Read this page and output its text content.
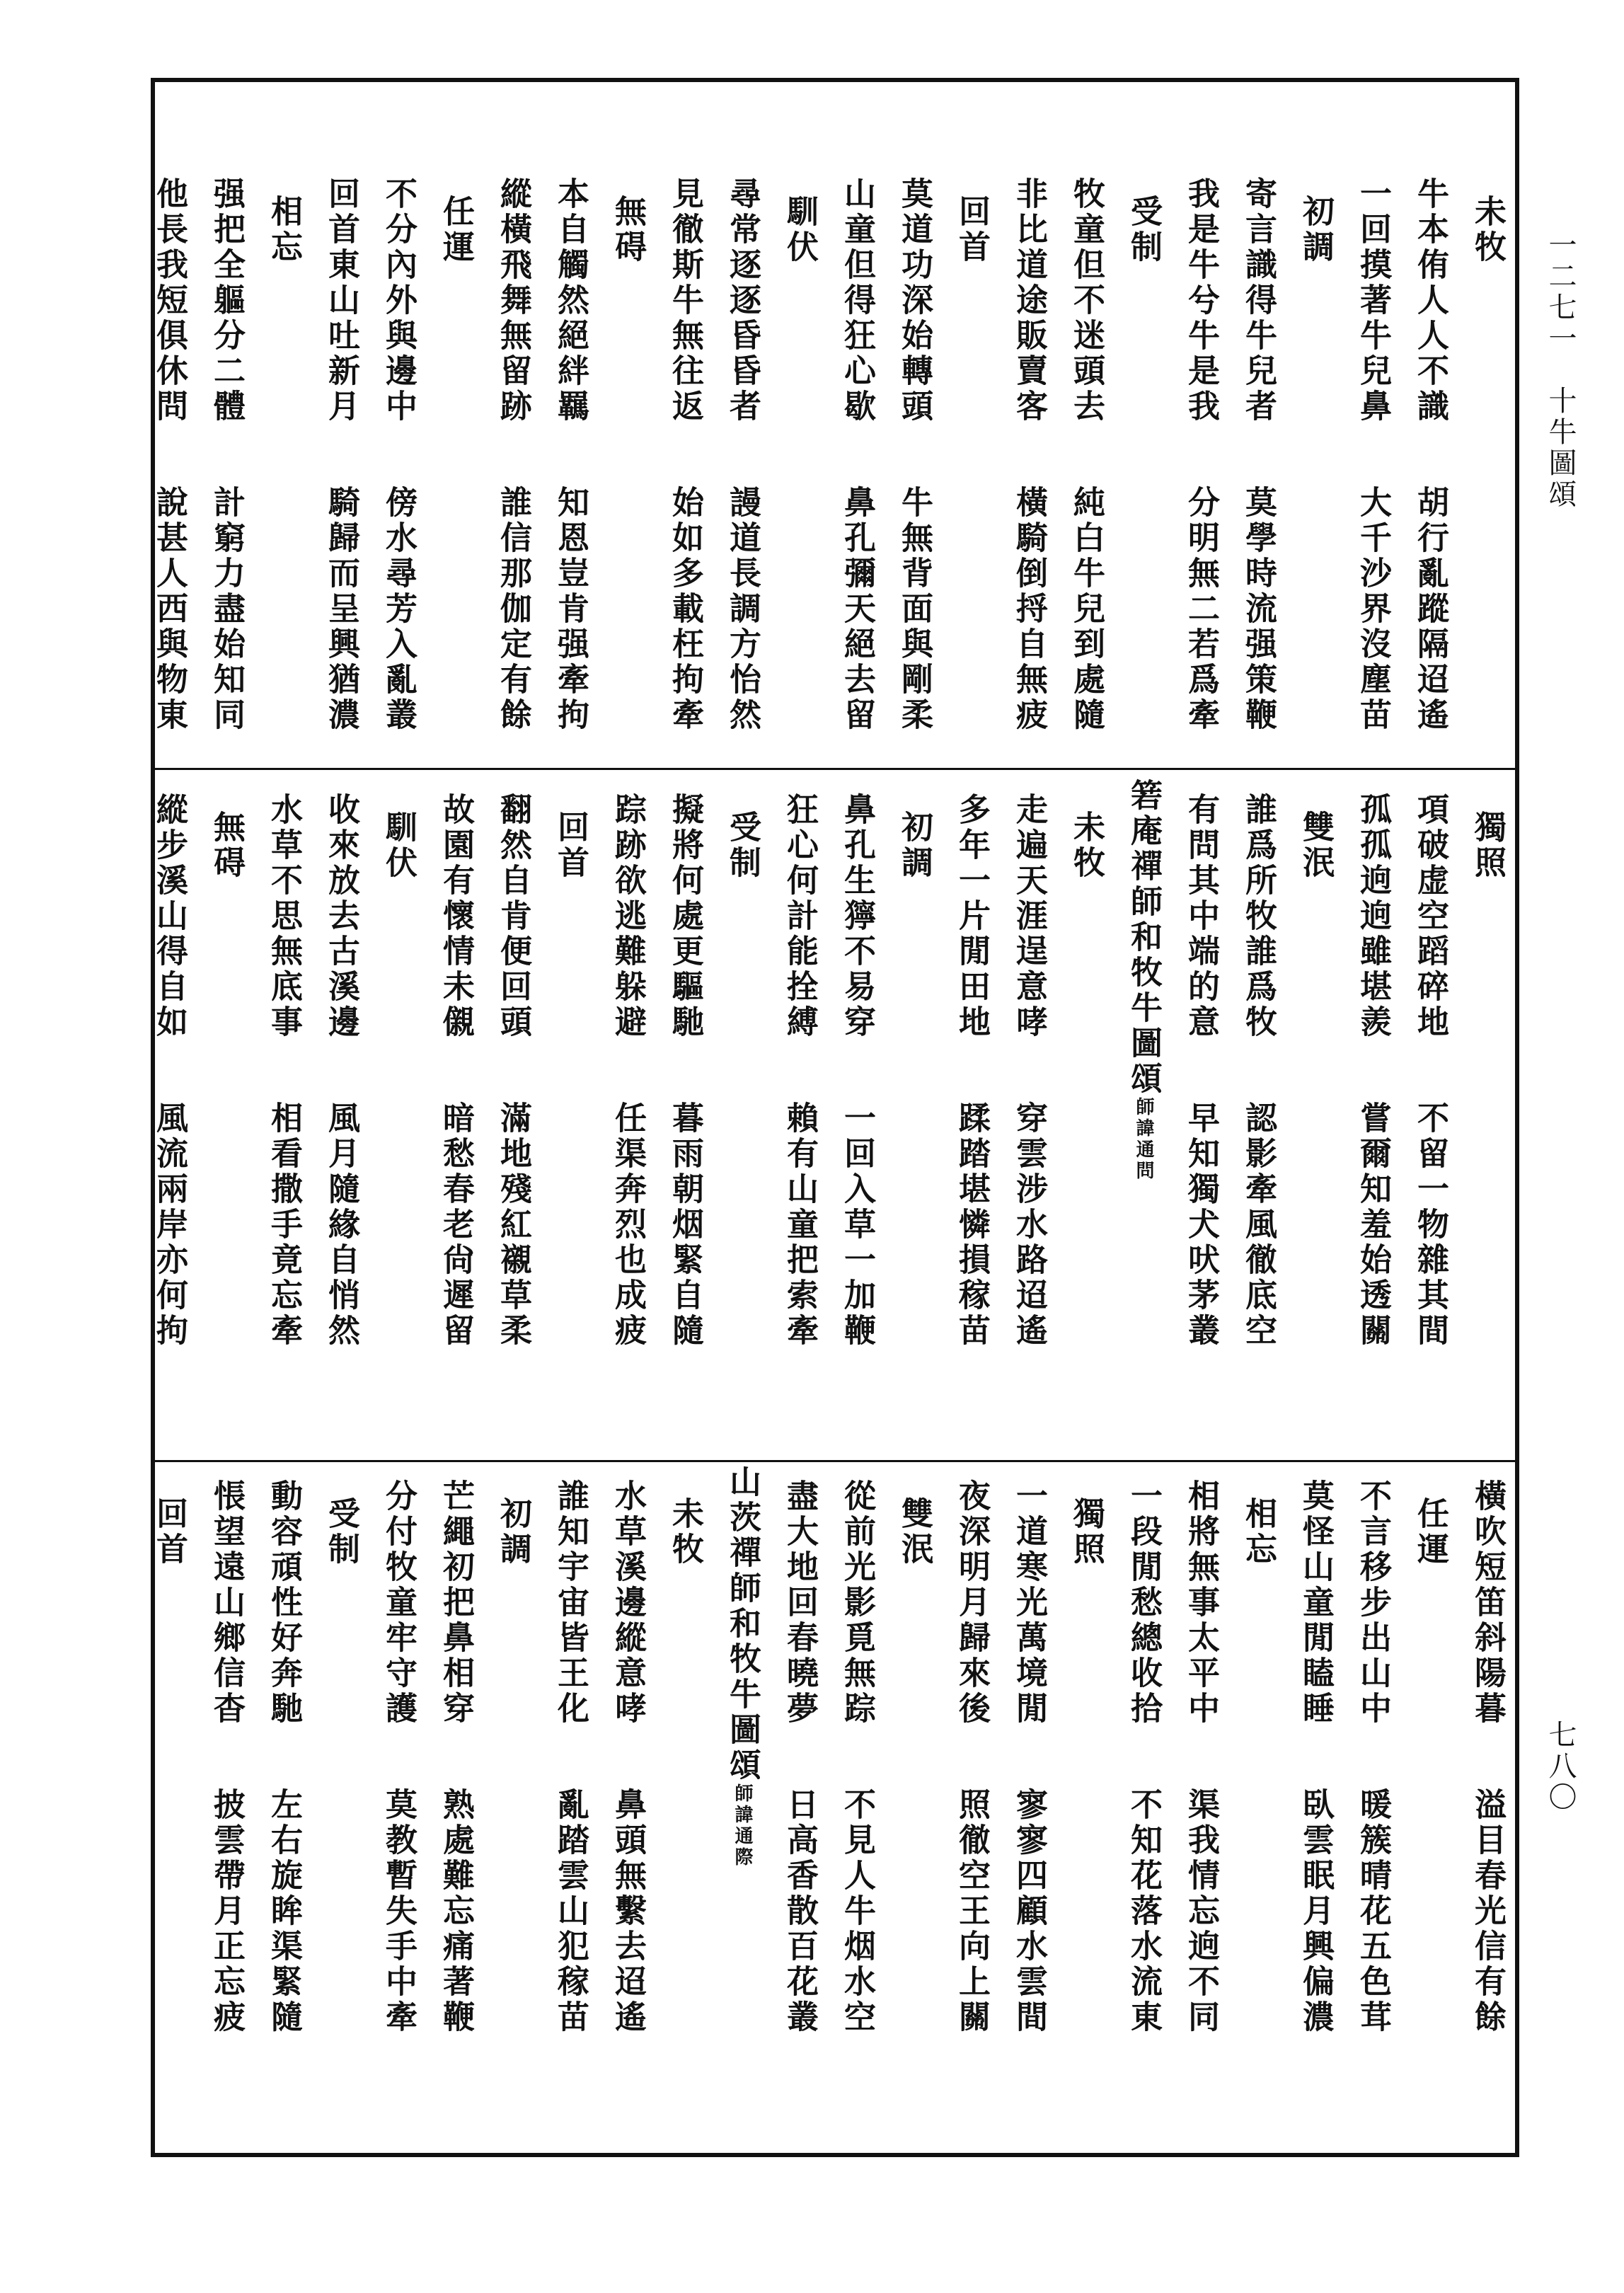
一二七一　十牛圖頌
七八〇
未牧
牛本侑人人不識胡行亂蹤隔迢遙
一回摸著牛兒鼻大千沙界沒塵苗
初調
寄言識得牛兒者莫學時流强策鞭
我是牛兮牛是我分明無二若爲牽
受制
牧童但不迷頭去純白牛兒到處隨
非比道途販賣客橫騎倒捋自無疲
回首
莫道功深始轉頭牛無背面與剛柔
山童但得狂心歇鼻孔彌天絕去留
馴伏
尋常逐逐昏昏者謾道長調方怡然
見徹斯牛無往返始如多載枉拘牽
無碍
本自觸然絕絆羈知恩豈肯强牽拘
縱橫飛舞無留跡誰信那伽定有餘
任運
不分內外與邊中傍水尋芳入亂叢
回首東山吐新月騎歸而呈興猶濃
相忘
强把全軀分二體計窮力盡始知同
他長我短俱休問說甚人西與物東
獨照
項破虚空蹈碎地不留一物雜其間
孤孤逈逈雖堪羨嘗爾知羞始透關
雙泯
誰爲所牧誰爲牧認影牽風徹底空
有問其中端的意早知獨犬吠茅叢
箬庵禪師和牧牛圖頌師諱通問
未牧
走遍天涯逞意哮穿雲涉水路迢遙
多年一片閒田地蹂踏堪憐損稼苗
初調
鼻孔生獰不易穿一回入草一加鞭
狂心何計能拴縛賴有山童把索牽
受制
擬將何處更驅馳暮雨朝烟緊自隨
踪跡欲逃難躲避任渠奔烈也成疲
回首
翻然自肯便回頭滿地殘紅襯草柔
故園有懷情未儭暗愁春老尙遲留
馴伏
收來放去古溪邊風月隨緣自悄然
水草不思無底事相看撒手竟忘牽
無碍
縱步溪山得自如風流兩岸亦何拘
橫吹短笛斜陽暮溢目春光信有餘
任運
不言移步出山中暖簇晴花五色茸
莫怪山童閒瞌睡臥雲眠月興偏濃
相忘
相將無事太平中渠我情忘逈不同
一段閒愁總收拾不知花落水流東
獨照
一道寒光萬境閒寥寥四顧水雲間
夜深明月歸來後照徹空王向上關
雙泯
從前光影覓無踪不見人牛烟水空
盡大地回春曉夢日高香散百花叢
山茨禪師和牧牛圖頌師諱通際
未牧
水草溪邊縱意哮鼻頭無繫去迢遙
誰知宇宙皆王化亂踏雲山犯稼苗
初調
芒繩初把鼻相穿熟處難忘痛著鞭
分付牧童牢守護莫教暫失手中牽
受制
動容頑性好奔馳左右旋眸渠緊隨
悵望遠山鄉信杳披雲帶月正忘疲
回首
